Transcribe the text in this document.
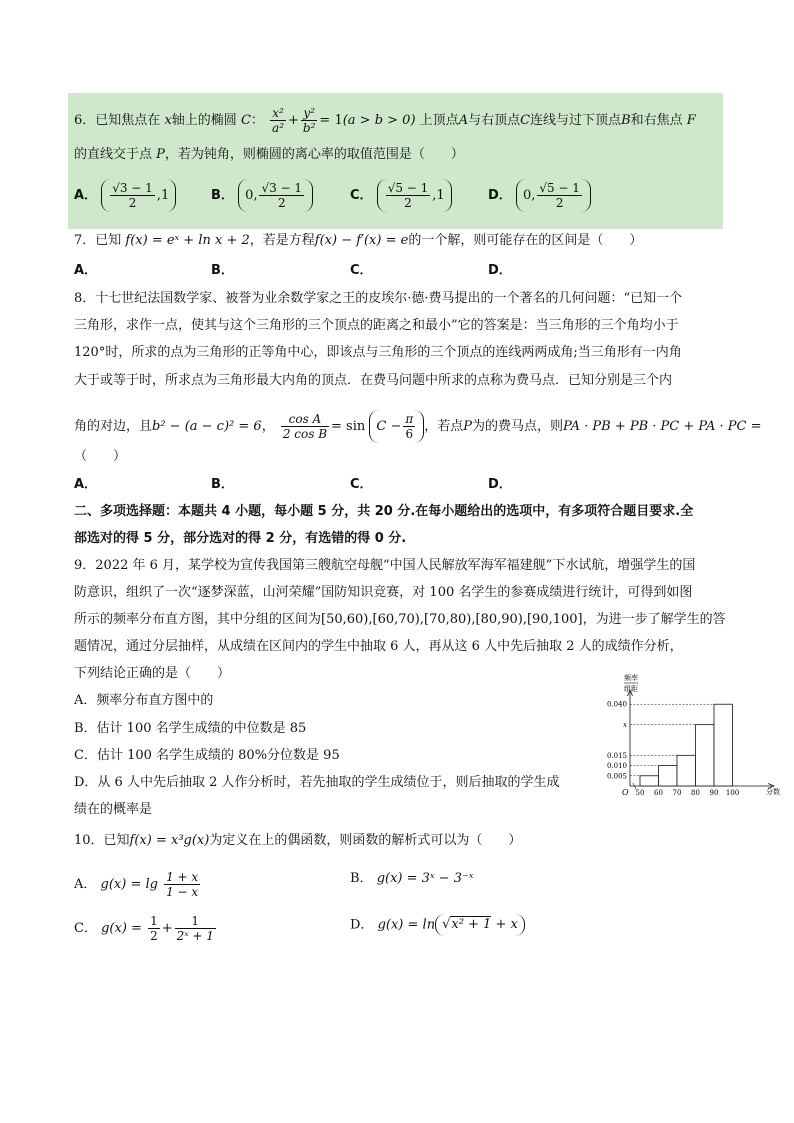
6．已知焦点在 x轴上的椭圆 C： $\frac{\text{x²}}{\text{a²}} + \frac{\text{y²}}{\text{b²}} = 1(a > b > 0)$ 上顶点A与右顶点C连线与过下顶点B和右焦点 F
的直线交于点 P，若为钝角，则椭圆的离心率的取值范围是（　　）
A． $\frac{√3 - 1}{2} ,1$	B． 0, $\frac{√3 - 1}{2}$	C． $\frac{√5 - 1}{2} ,1$	D． 0, $\frac{√5 - 1}{2}$
7．已知 f(x) = eˣ + ln x + 2，若是方程f(x) − f′(x) = e的一个解，则可能存在的区间是（　　）
A．	B．	C．	D．
8．十七世纪法国数学家、被誉为业余数学家之王的皮埃尔·德·费马提出的一个著名的几何问题：“已知一个
三角形，求作一点，使其与这个三角形的三个顶点的距离之和最小”它的答案是：当三角形的三个角均小于
120°时，所求的点为三角形的正等角中心，即该点与三角形的三个顶点的连线两两成角;当三角形有一内角
大于或等于时，所求点为三角形最大内角的顶点．在费马问题中所求的点称为费马点．已知分别是三个内
角的对边，且b² − (a − c)² = 6， $\frac{\text{cos A}}{\text{2 cos B}} = \sin C - \frac{\pi}{6}$ ，若点P为的费马点，则PA · PB + PB · PC + PA · PC =
（　　）
A．	B．	C．	D．
二、多项选择题：本题共 4 小题，每小题 5 分，共 20 分.在每小题给出的选项中，有多项符合题目要求.全
部选对的得 5 分，部分选对的得 2 分，有选错的得 0 分.
9．2022 年 6 月，某学校为宣传我国第三艘航空母舰“中国人民解放军海军福建舰”下水试航，增强学生的国
防意识，组织了一次“逐梦深蓝，山河荣耀”国防知识竞赛，对 100 名学生的参赛成绩进行统计，可得到如图
所示的频率分布直方图，其中分组的区间为[50,60),[60,70),[70,80),[80,90),[90,100]，为进一步了解学生的答
题情况，通过分层抽样，从成绩在区间内的学生中抽取 6 人，再从这 6 人中先后抽取 2 人的成绩作分析，
下列结论正确的是（　　）
A．频率分布直方图中的
B．估计 100 名学生成绩的中位数是 85
C．估计 100 名学生成绩的 80%分位数是 95
D．从 6 人中先后抽取 2 人作分析时，若先抽取的学生成绩位于，则后抽取的学生成
绩在的概率是
频率
组距
O	分数
0.040
x
0.015
0.010
0.005
50 60 70 80 90 100
10．已知f(x) = x³g(x)为定义在上的偶函数，则函数的解析式可以为（　　）
A． $g(x) = \lg \frac{1 + x}{1 - x}$	B． g(x) = 3ˣ − 3⁻ˣ
C． $g(x) = \frac{1}{2} + \frac{1}{\text{2ˣ + 1}}$	D． g(x) = ln √x² + 1 + x
